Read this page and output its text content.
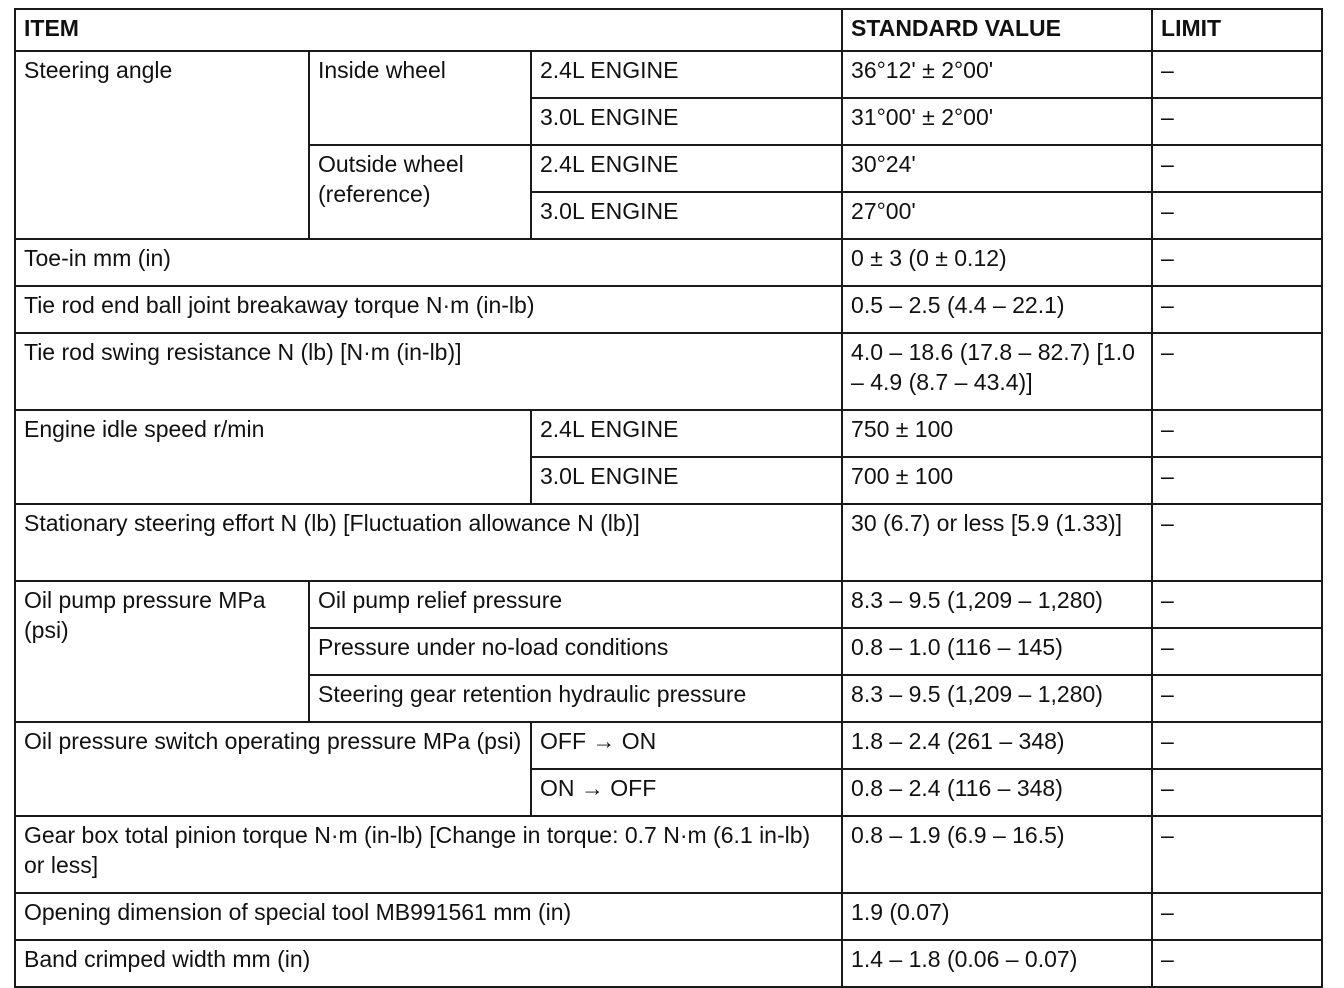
ITEM			STANDARD VALUE	LIMIT
Steering angle	Inside wheel	2.4L ENGINE	36°12' ± 2°00'	–
		3.0L ENGINE	31°00' ± 2°00'	–
	Outside wheel (reference)	2.4L ENGINE	30°24'	–
		3.0L ENGINE	27°00'	–
Toe-in mm (in)			0 ± 3 (0 ± 0.12)	–
Tie rod end ball joint breakaway torque N·m (in-lb)			0.5 – 2.5 (4.4 – 22.1)	–
Tie rod swing resistance N (lb) [N·m (in-lb)]			4.0 – 18.6 (17.8 – 82.7) [1.0 – 4.9 (8.7 – 43.4)]	–
Engine idle speed r/min		2.4L ENGINE	750 ± 100	–
		3.0L ENGINE	700 ± 100	–
Stationary steering effort N (lb) [Fluctuation allowance N (lb)]			30 (6.7) or less [5.9 (1.33)]	–
Oil pump pressure MPa (psi)	Oil pump relief pressure		8.3 – 9.5 (1,209 – 1,280)	–
	Pressure under no-load conditions		0.8 – 1.0 (116 – 145)	–
	Steering gear retention hydraulic pressure		8.3 – 9.5 (1,209 – 1,280)	–
Oil pressure switch operating pressure MPa (psi)		OFF → ON	1.8 – 2.4 (261 – 348)	–
		ON → OFF	0.8 – 2.4 (116 – 348)	–
Gear box total pinion torque N·m (in-lb) [Change in torque: 0.7 N·m (6.1 in-lb) or less]			0.8 – 1.9 (6.9 – 16.5)	–
Opening dimension of special tool MB991561 mm (in)			1.9 (0.07)	–
Band crimped width mm (in)			1.4 – 1.8 (0.06 – 0.07)	–
